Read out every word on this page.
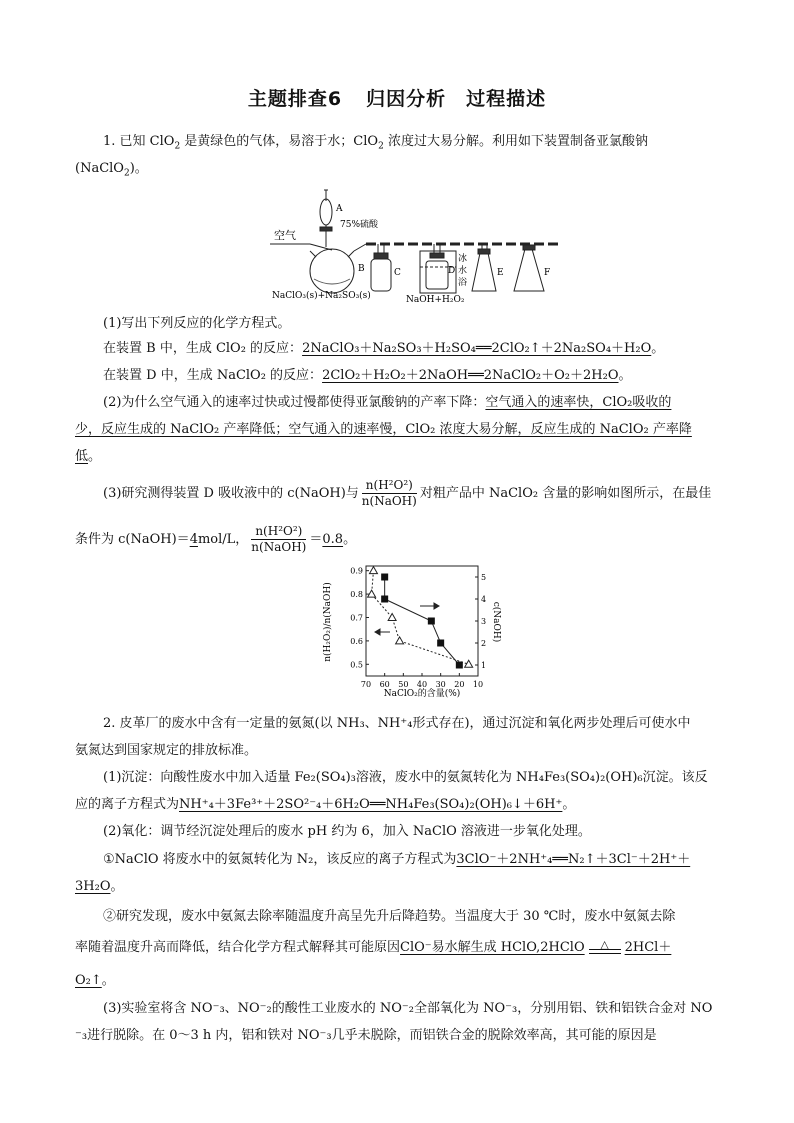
主题排查6 归因分析　过程描述
1. 已知 ClO$_2$ 是黄绿色的气体，易溶于水；ClO$_2$ 浓度过大易分解。利用如下装置制备亚氯酸钠
(NaClO$_2$)。
空气
A
75%硫酸
B	C	D
冰
水
浴
E	F
NaClO₃(s)+Na₂SO₃(s)	NaOH+H₂O₂
(1)写出下列反应的化学方程式。
在装置 B 中，生成 ClO₂ 的反应：2NaClO₃＋Na₂SO₃＋H₂SO₄══2ClO₂↑＋2Na₂SO₄＋H₂O。
在装置 D 中，生成 NaClO₂ 的反应：2ClO₂＋H₂O₂＋2NaOH══2NaClO₂＋O₂＋2H₂O。
(2)为什么空气通入的速率过快或过慢都使得亚氯酸钠的产率下降：空气通入的速率快，ClO₂吸收的
少，反应生成的 NaClO₂ 产率降低；空气通入的速率慢，ClO₂ 浓度大易分解，反应生成的 NaClO₂ 产率降
低。
(3)研究测得装置 D 吸收液中的 c(NaOH)与 $\frac{\text{n(H²O²)}}{\text{n(NaOH)}}$ 对粗产品中 NaClO₂ 含量的影响如图所示，在最佳
条件为 c(NaOH)＝4mol/L， $\frac{\text{n(H²O²)}}{\text{n(NaOH)}} =0.8$。
70 60 50 40 30 20 10
0.5
0.6
0.7
0.8
0.9
1
2
3
4
5
n(H₂O₂)/n(NaOH)	c(NaOH)
NaClO₂的含量(%)
2. 皮革厂的废水中含有一定量的氨氮(以 NH₃、NH⁺₄形式存在)，通过沉淀和氧化两步处理后可使水中
氨氮达到国家规定的排放标准。
(1)沉淀：向酸性废水中加入适量 Fe₂(SO₄)₃溶液，废水中的氨氮转化为 NH₄Fe₃(SO₄)₂(OH)₆沉淀。该反
应的离子方程式为NH⁺₄＋3Fe³⁺＋2SO²⁻₄＋6H₂O══NH₄Fe₃(SO₄)₂(OH)₆↓＋6H⁺。
(2)氧化：调节经沉淀处理后的废水 pH 约为 6，加入 NaClO 溶液进一步氧化处理。
①NaClO 将废水中的氨氮转化为 N₂，该反应的离子方程式为3ClO⁻＋2NH⁺₄══N₂↑＋3Cl⁻＋2H⁺＋
3H₂O。
②研究发现，废水中氨氮去除率随温度升高呈先升后降趋势。当温度大于 30 ℃时，废水中氨氮去除
率随着温度升高而降低，结合化学方程式解释其可能原因ClO⁻易水解生成 HClO,2HClO △ 2HCl＋
O₂↑。
(3)实验室将含 NO⁻₃、NO⁻₂的酸性工业废水的 NO⁻₂全部氧化为 NO⁻₃，分别用铝、铁和铝铁合金对 NO
⁻₃进行脱除。在 0～3 h 内，铝和铁对 NO⁻₃几乎未脱除，而铝铁合金的脱除效率高，其可能的原因是
